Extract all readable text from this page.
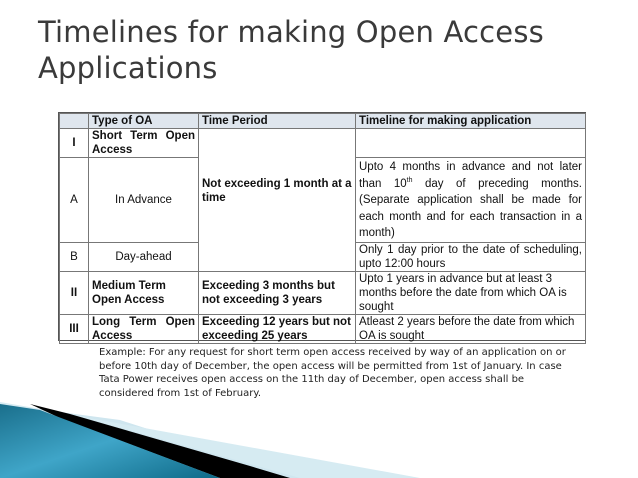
Timelines for making Open Access Applications
	Type of OA	Time Period	Timeline for making application
I	Short Term Open Access	Not exceeding 1 month at a time

A	In Advance		Upto 4 months in advance and not later than 10th day of preceding months. (Separate application shall be made for each month and for each transaction in a month)
B	Day-ahead		Only 1 day prior to the date of scheduling, upto 12:00 hours
II	Medium Term Open Access	Exceeding 3 months but not exceeding 3 years	Upto 1 years in advance but at least 3 months before the date from which OA is sought
III	Long Term Open Access	Exceeding 12 years but not exceeding 25 years	Atleast 2 years before the date from which OA is sought
Example: For any request for short term open access received by way of an application on or before 10th day of December, the open access will be permitted from 1st of January. In case Tata Power receives open access on the 11th day of December, open access shall be considered from 1st of February.
